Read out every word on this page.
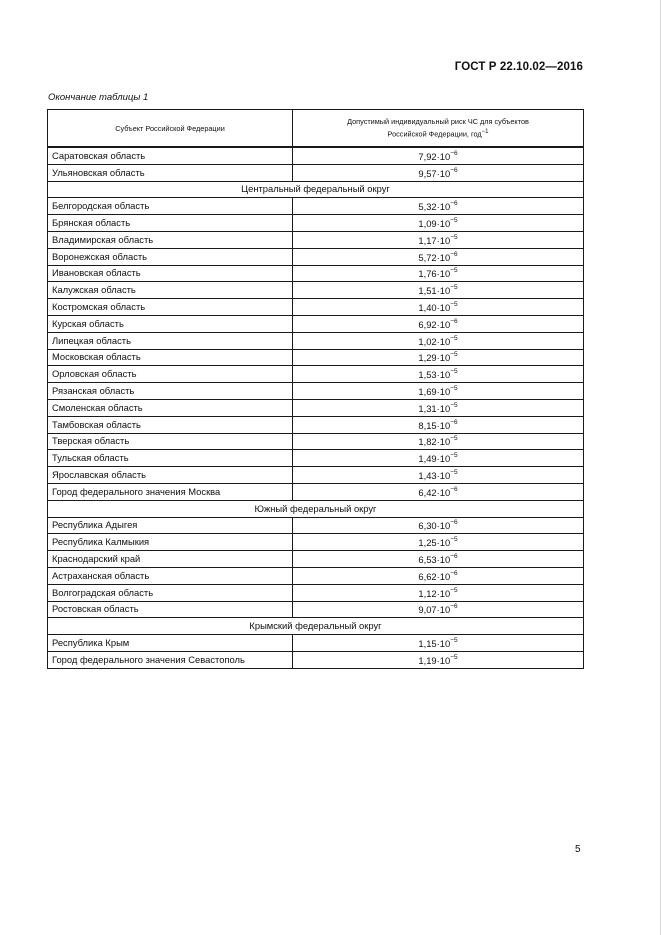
ГОСТ Р 22.10.02—2016
Окончание таблицы 1
Субъект Российской Федерации	Допустимый индивидуальный риск ЧС для субъектов
Российской Федерации, год$^{-1}$
Саратовская область	$7,92\cdot 10^{-6}$
Ульяновская область	$9,57\cdot 10^{-6}$
Центральный федеральный округ	
Белгородская область	$5,32\cdot 10^{-6}$
Брянская область	$1,09\cdot 10^{-5}$
Владимирская область	$1,17\cdot 10^{-5}$
Воронежская область	$5,72\cdot 10^{-6}$
Ивановская область	$1,76\cdot 10^{-5}$
Калужская область	$1,51\cdot 10^{-5}$
Костромская область	$1,40\cdot 10^{-5}$
Курская область	$6,92\cdot 10^{-6}$
Липецкая область	$1,02\cdot 10^{-5}$
Московская область	$1,29\cdot 10^{-5}$
Орловская область	$1,53\cdot 10^{-5}$
Рязанская область	$1,69\cdot 10^{-5}$
Смоленская область	$1,31\cdot 10^{-5}$
Тамбовская область	$8,15\cdot 10^{-6}$
Тверская область	$1,82\cdot 10^{-5}$
Тульская область	$1,49\cdot 10^{-5}$
Ярославская область	$1,43\cdot 10^{-5}$
Город федерального значения Москва	$6,42\cdot 10^{-6}$
Южный федеральный округ	
Республика Адыгея	$6,30\cdot 10^{-6}$
Республика Калмыкия	$1,25\cdot 10^{-5}$
Краснодарский край	$6,53\cdot 10^{-6}$
Астраханская область	$6,62\cdot 10^{-6}$
Волгоградская область	$1,12\cdot 10^{-5}$
Ростовская область	$9,07\cdot 10^{-6}$
Крымский федеральный округ	
Республика Крым	$1,15\cdot 10^{-5}$
Город федерального значения Севастополь	$1,19\cdot 10^{-5}$
5
